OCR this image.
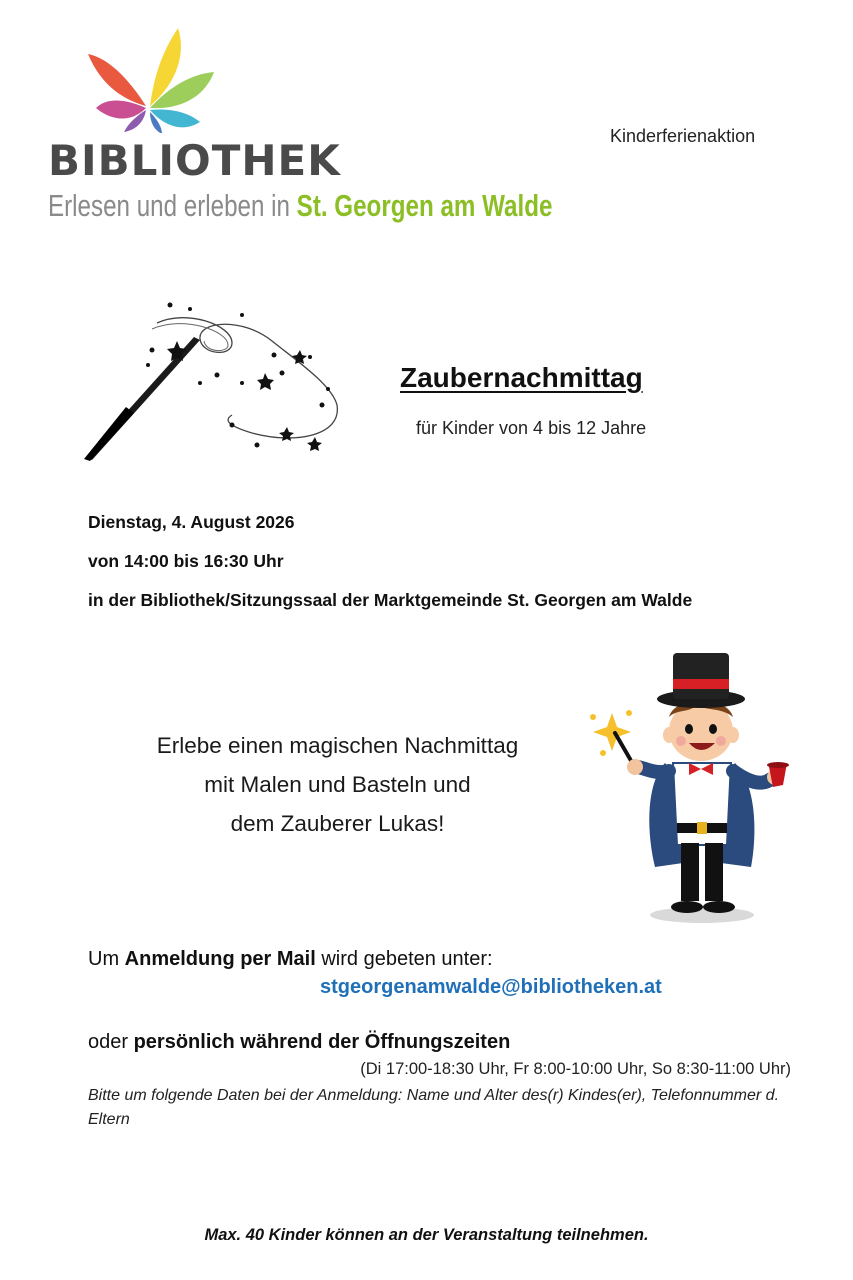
BIBLIOTHEK
Erlesen und erleben in St. Georgen am Walde
Kinderferienaktion
Zaubernachmittag
für Kinder von 4 bis 12 Jahre
Dienstag, 4. August 2026
von 14:00 bis 16:30 Uhr
in der Bibliothek/Sitzungssaal der Marktgemeinde St. Georgen am Walde
Erlebe einen magischen Nachmittag
mit Malen und Basteln und
dem Zauberer Lukas!
Um Anmeldung per Mail wird gebeten unter:
stgeorgenamwalde@bibliotheken.at
oder persönlich während der Öffnungszeiten
(Di 17:00-18:30 Uhr, Fr 8:00-10:00 Uhr, So 8:30-11:00 Uhr)
Bitte um folgende Daten bei der Anmeldung: Name und Alter des(r) Kindes(er), Telefonnummer d. Eltern
Max. 40 Kinder können an der Veranstaltung teilnehmen.
